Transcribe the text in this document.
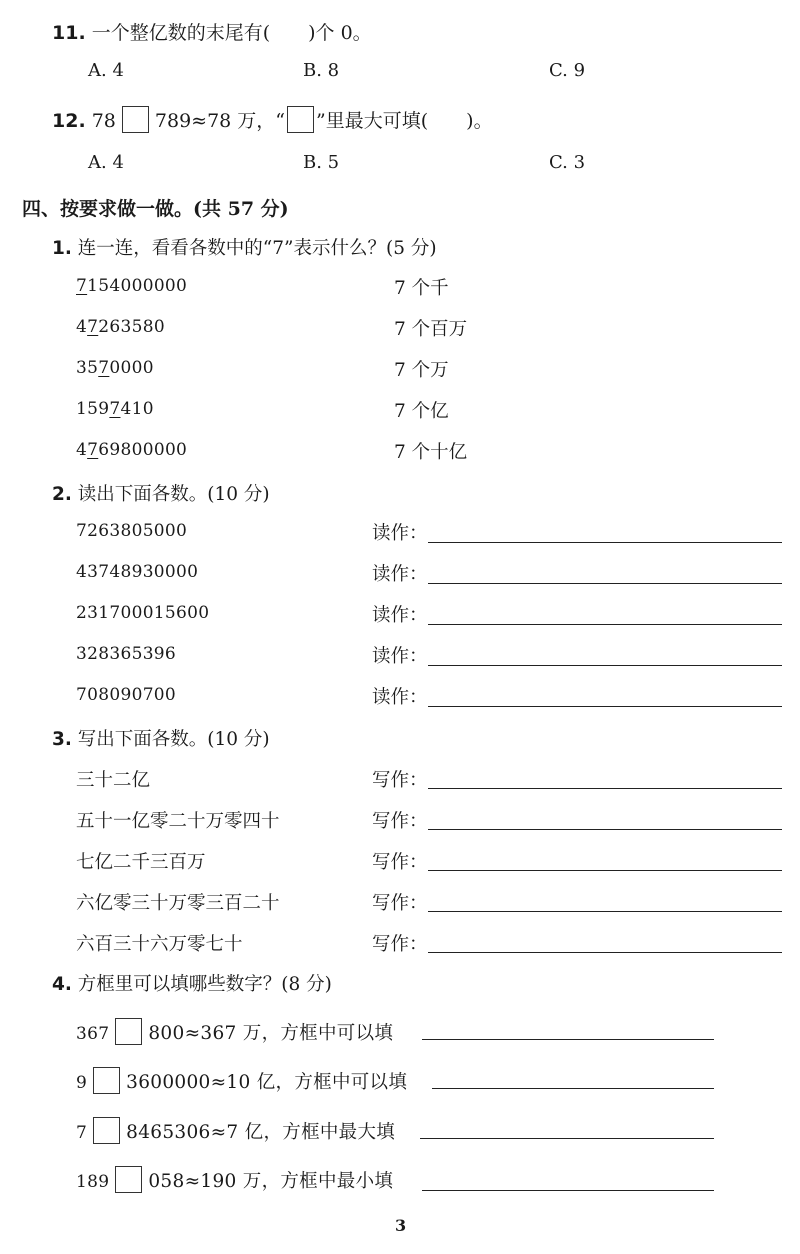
11. 一个整亿数的末尾有(　　)个 0。
A. 4	B. 8	C. 9
12. 78 789≈78 万，“ ”里最大可填(　　)。
A. 4	B. 5	C. 3
四、按要求做一做。(共 57 分)
1. 连一连，看看各数中的“7”表示什么？(5 分)
7154000000	7 个千
47263580	7 个百万
3570000	7 个万
1597410	7 个亿
4769800000	7 个十亿
2. 读出下面各数。(10 分)
7263805000	读作：
43748930000	读作：
231700015600	读作：
328365396	读作：
708090700	读作：
3. 写出下面各数。(10 分)
三十二亿	写作：
五十一亿零二十万零四十	写作：
七亿二千三百万	写作：
六亿零三十万零三百二十	写作：
六百三十六万零七十	写作：
4. 方框里可以填哪些数字？(8 分)
367 800≈367 万，方框中可以填
9 3600000≈10 亿，方框中可以填
7 8465306≈7 亿，方框中最大填
189 058≈190 万，方框中最小填
3
